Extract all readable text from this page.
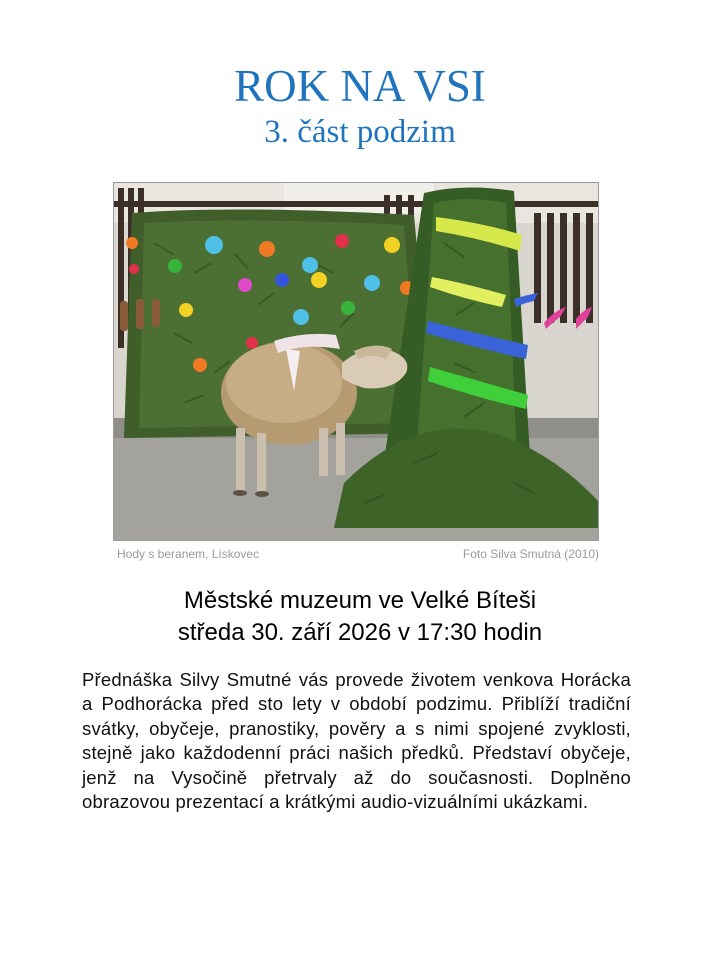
ROK NA VSI
3. část podzim
Hody s beranem, Lískovec	Foto Silva Smutná (2010)
Městské muzeum ve Velké Bíteši
středa 30. září 2026 v 17:30 hodin
Přednáška Silvy Smutné vás provede životem venkova Horácka a Podhorácka před sto lety v období podzimu. Přiblíží tradiční svátky, obyčeje, pranostiky, pověry a s nimi spojené zvyklosti, stejně jako každodenní práci našich předků. Představí obyčeje, jenž na Vysočině přetrvaly až do současnosti. Doplněno obrazovou prezentací a krátkými audio-vizuálními ukázkami.
